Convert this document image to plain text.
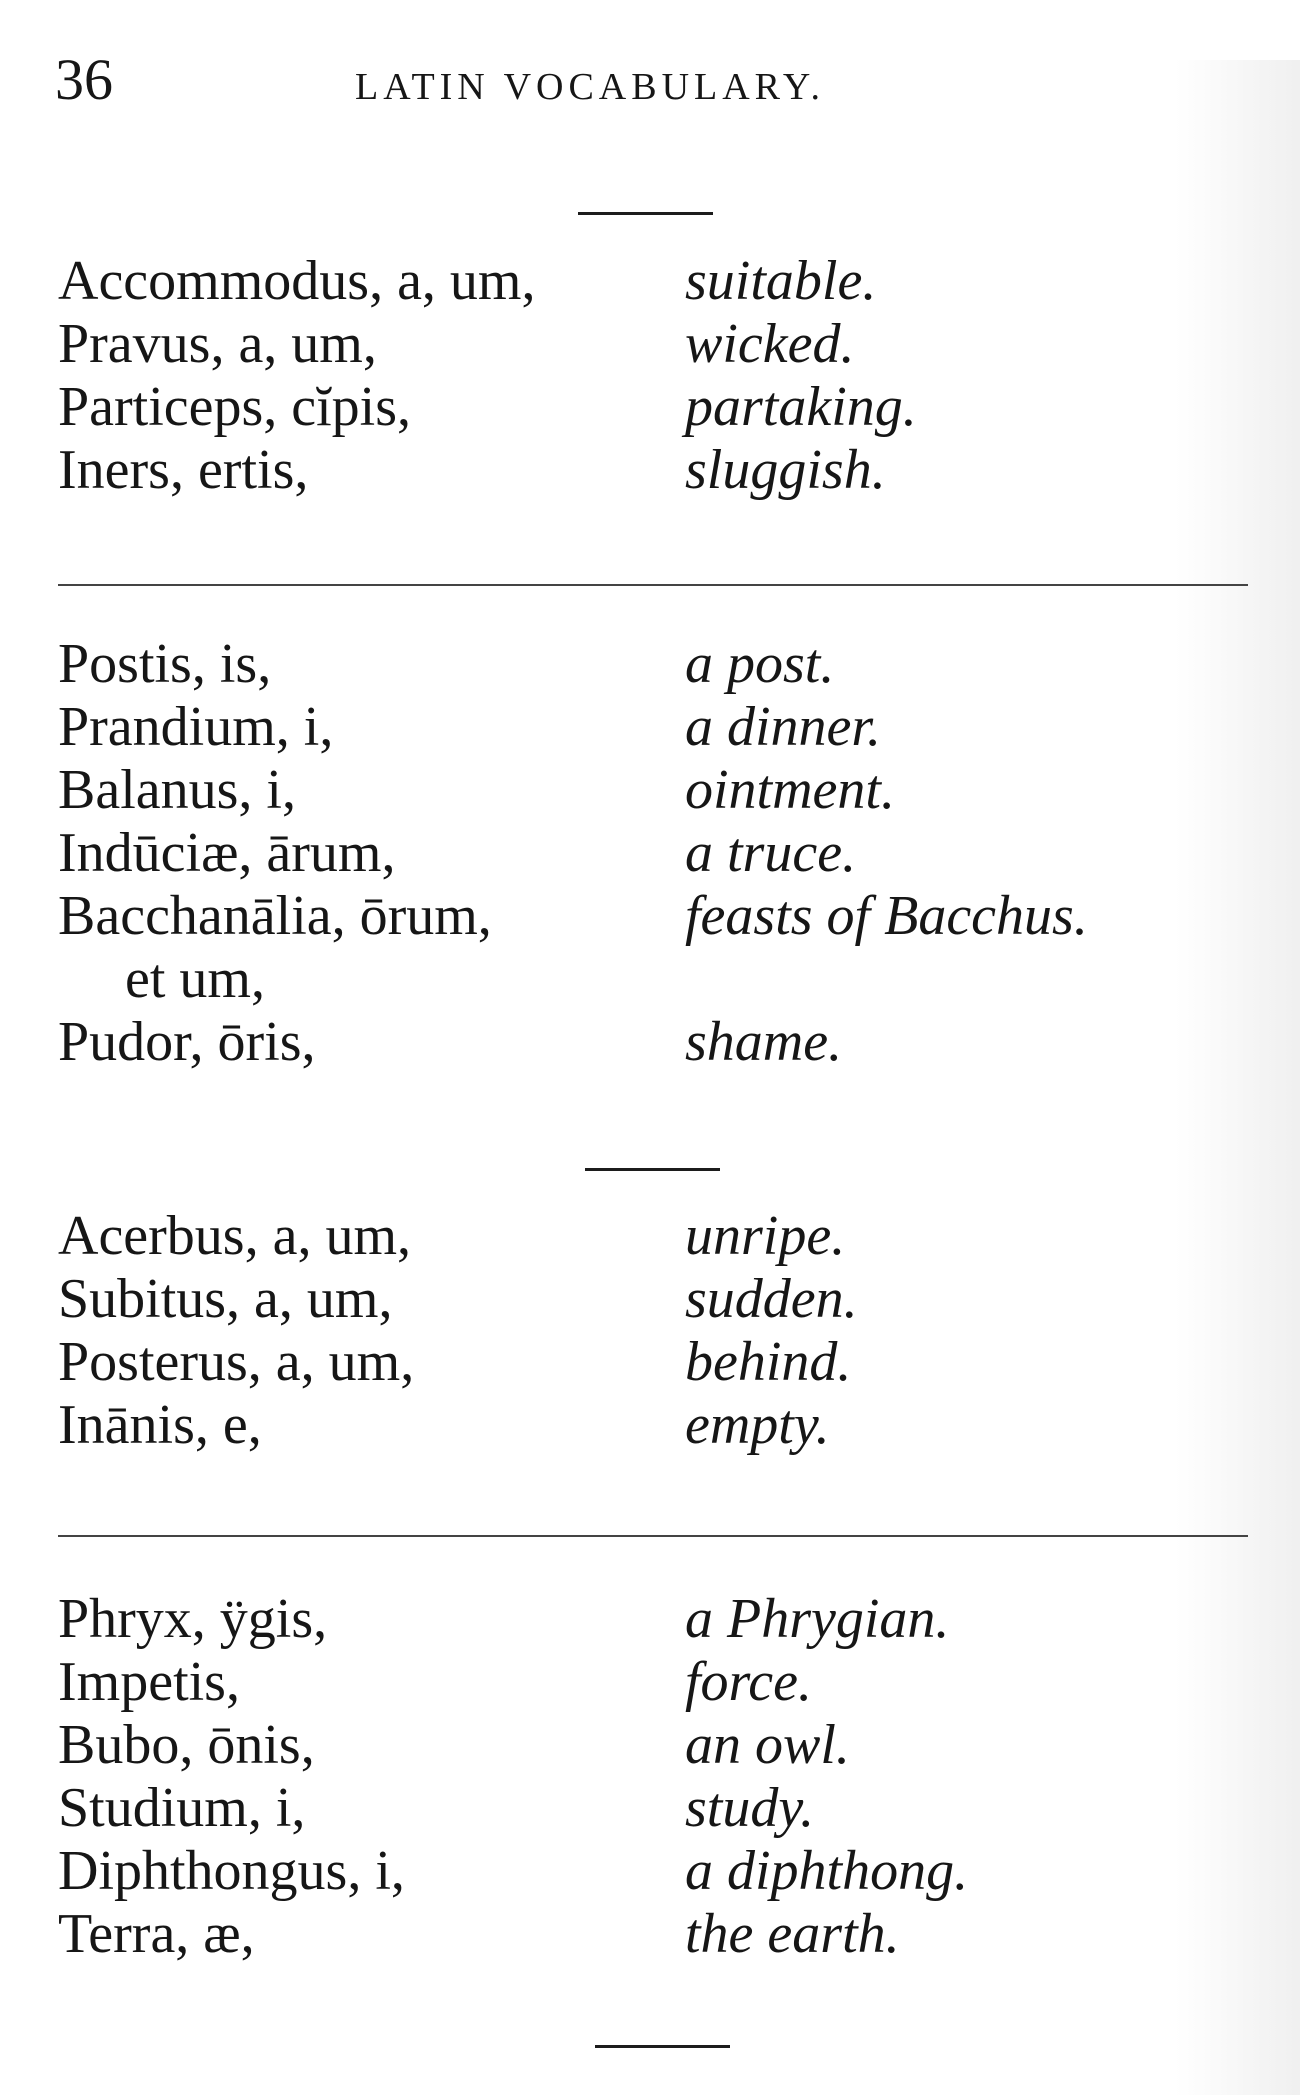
36	LATIN VOCABULARY.
Accommodus, a, um,	suitable.
Pravus, a, um,	wicked.
Particeps, cĭpis,	partaking.
Iners, ertis,	sluggish.
Postis, is,	a post.
Prandium, i,	a dinner.
Balanus, i,	ointment.
Indūciæ, ārum,	a truce.
Bacchanālia, ōrum,	feasts of Bacchus.
et um,
Pudor, ōris,	shame.
Acerbus, a, um,	unripe.
Subitus, a, um,	sudden.
Posterus, a, um,	behind.
Inānis, e,	empty.
Phryx, ÿgis,	a Phrygian.
Impetis,	force.
Bubo, ōnis,	an owl.
Studium, i,	study.
Diphthongus, i,	a diphthong.
Terra, æ,	the earth.
